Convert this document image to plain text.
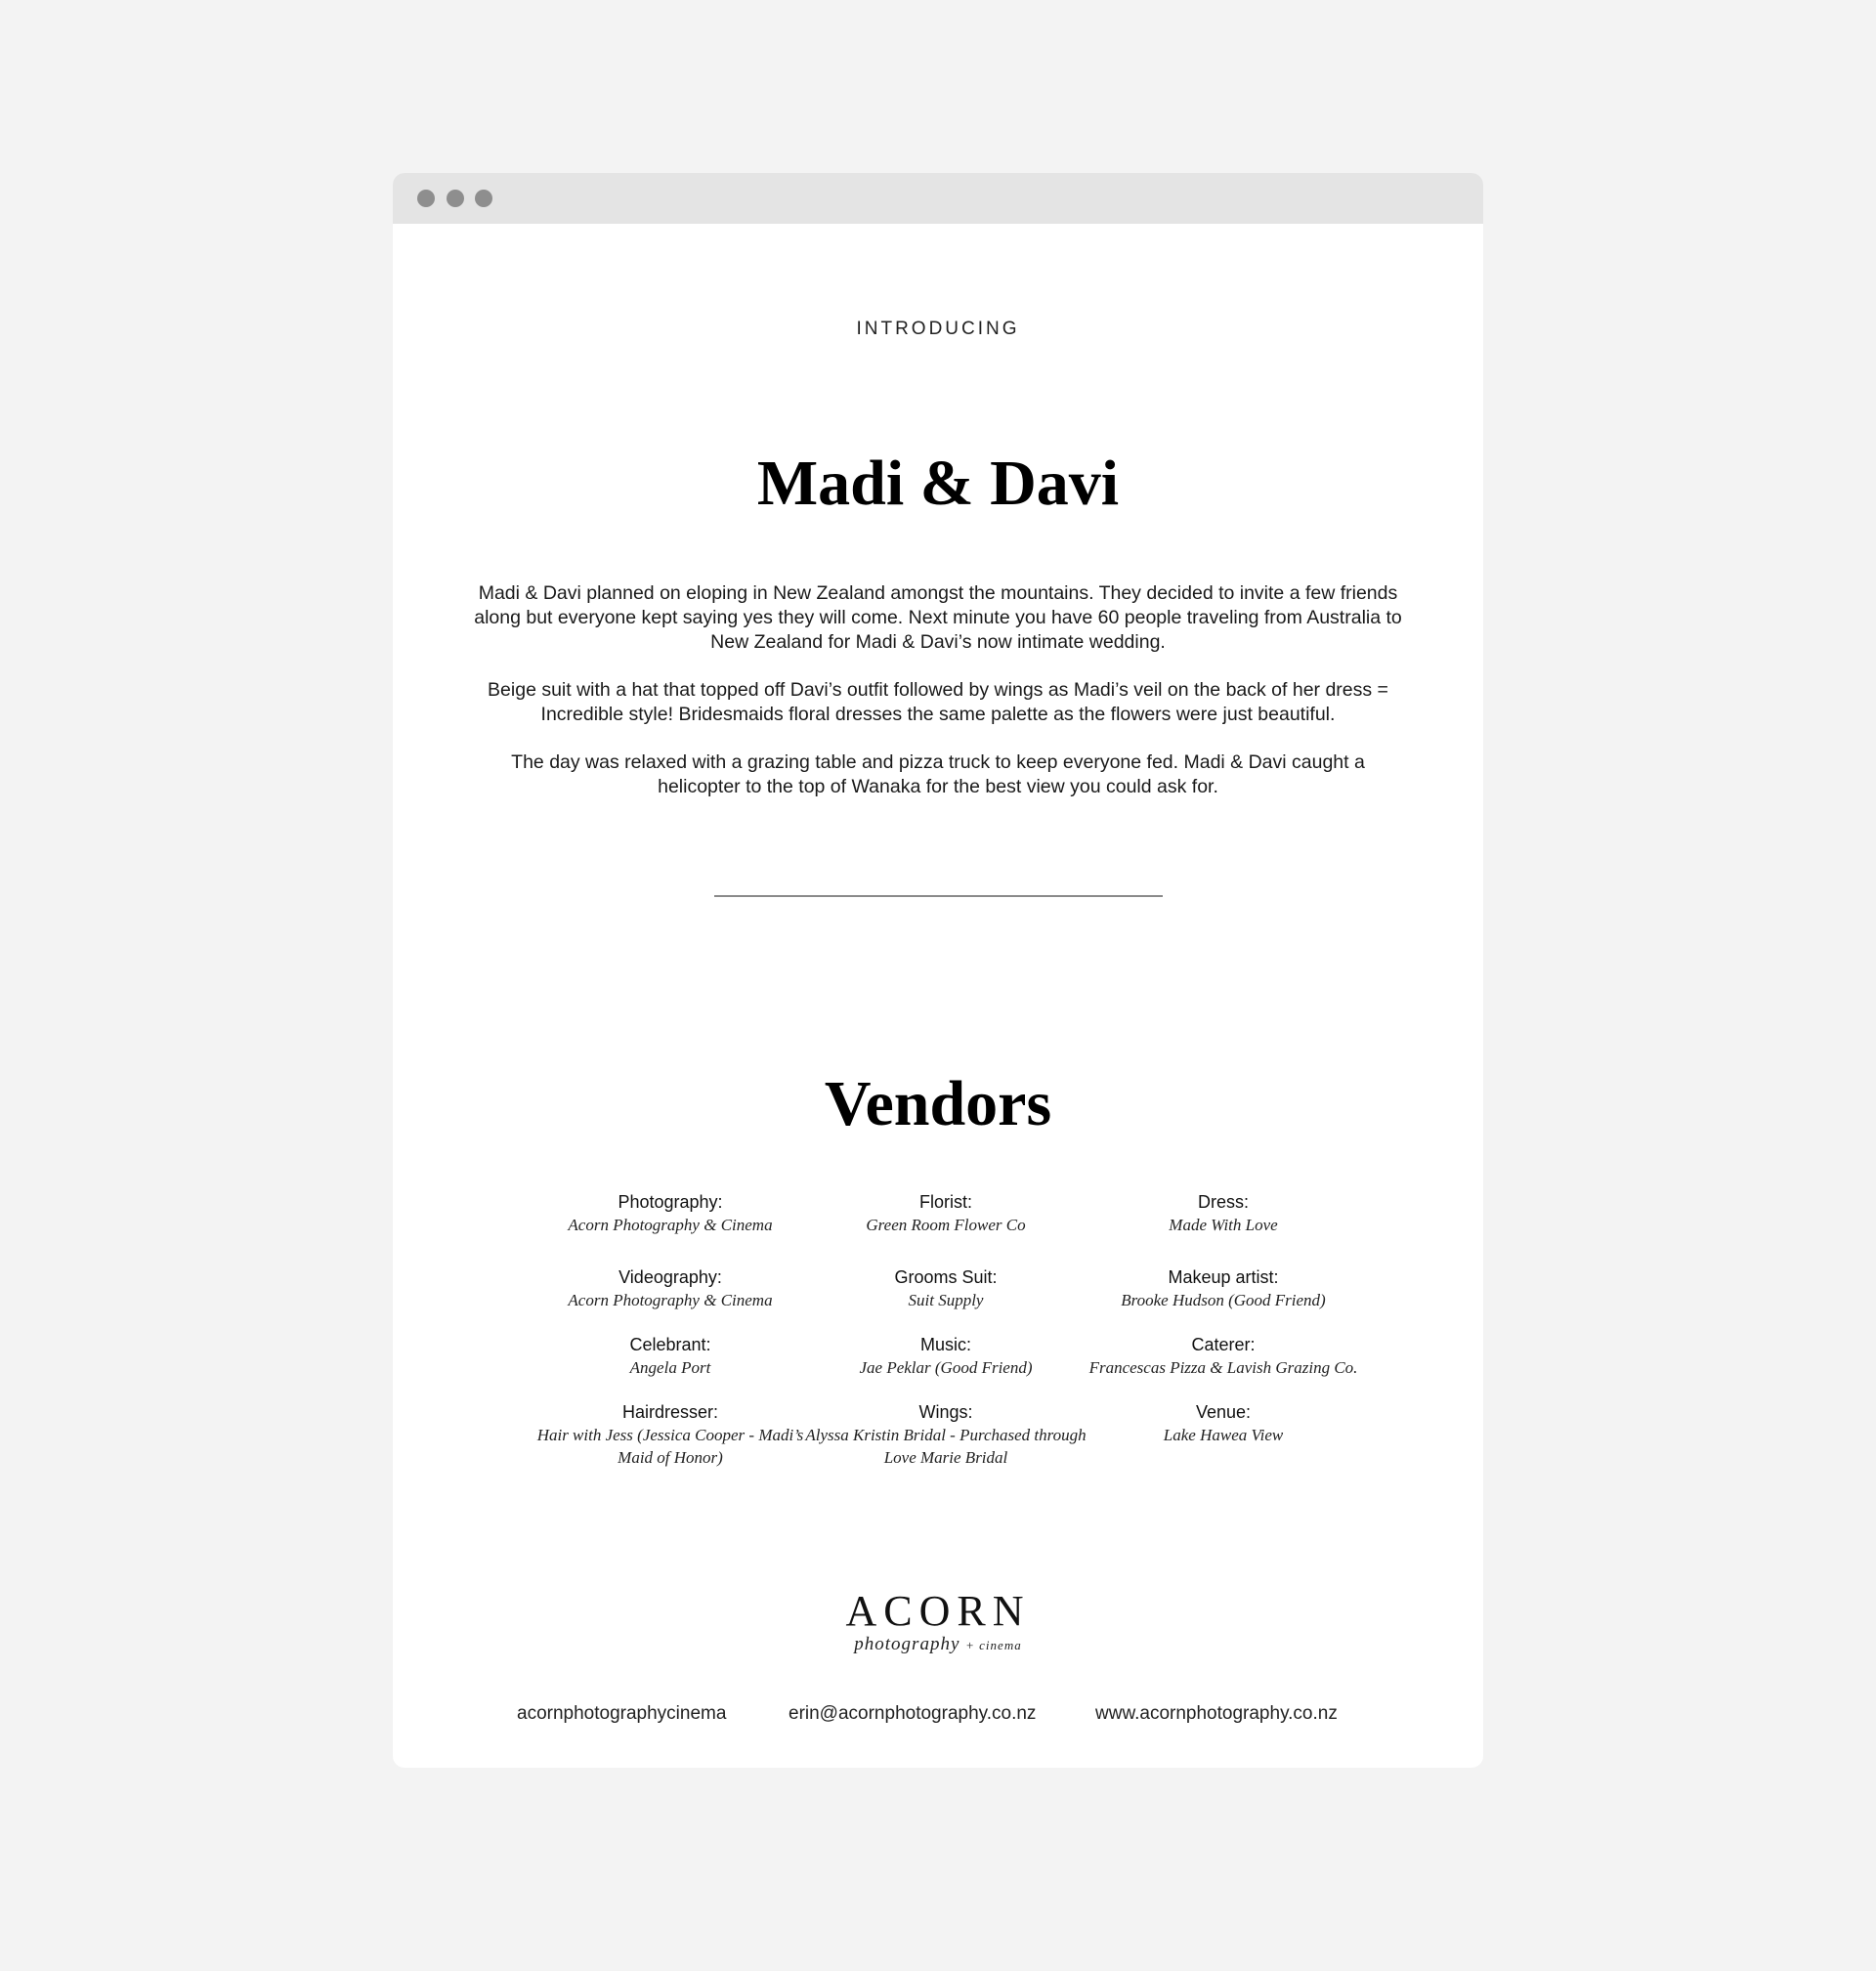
INTRODUCING
Madi & Davi

Madi & Davi planned on eloping in New Zealand amongst the mountains. They decided to invite a few friends along but everyone kept saying yes they will come. Next minute you have 60 people traveling from Australia to New Zealand for Madi & Davi’s now intimate wedding.

Beige suit with a hat that topped off Davi’s outfit followed by wings as Madi’s veil on the back of her dress = Incredible style! Bridesmaids floral dresses the same palette as the flowers were just beautiful.

The day was relaxed with a grazing table and pizza truck to keep everyone fed. Madi & Davi caught a helicopter to the top of Wanaka for the best view you could ask for.

Vendors
Photography:
Acorn Photography & Cinema
Florist:
Green Room Flower Co
Dress:
Made With Love
Videography:
Acorn Photography & Cinema
Grooms Suit:
Suit Supply
Makeup artist:
Brooke Hudson (Good Friend)
Celebrant:
Angela Port
Music:
Jae Peklar (Good Friend)
Caterer:
Francescas Pizza & Lavish Grazing Co.
Hairdresser:
Hair with Jess (Jessica Cooper - Madi’s Maid of Honor)
Wings:
Alyssa Kristin Bridal - Purchased through Love Marie Bridal
Venue:
Lake Hawea View
ACORN
photography + cinema
acornphotographycinema	erin@acornphotography.co.nz	www.acornphotography.co.nz
